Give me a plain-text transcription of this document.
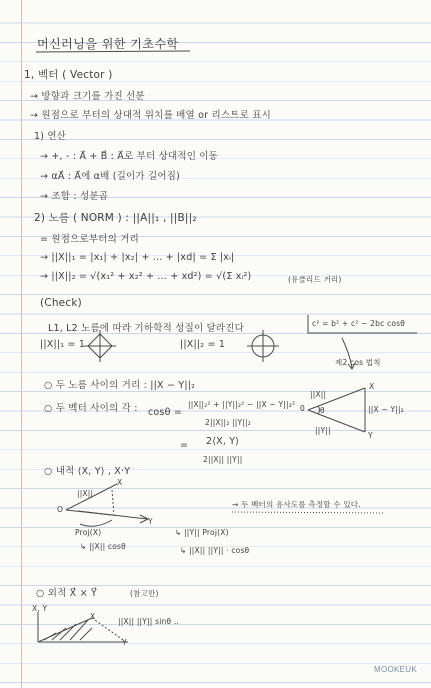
머신러닝을 위한 기초수학
1, 벡터 ( Vector )
→ 방향과 크기를 가진 선분
→ 원점으로 부터의 상대적 위치를 배열 or 리스트로 표시
1) 연산
→ +, - : A⃗ + B⃗ : A⃗로 부터 상대적인 이동
→ αA⃗ : A⃗에 α배 (길이가 길어짐)
→ 조합 : 성분곱
2) 노름 ( NORM ) : ||A||₁ , ||B||₂
= 원점으로부터의 거리
→ ||X||₁ = |x₁| + |x₂| + ... + |xd| = Σ |xᵢ|
→ ||X||₂ = √(x₁² + x₂² + ... + xd²) = √(Σ xᵢ²)	(유클리드 거리)
(Check)
L1, L2 노름에 따라 기하학적 성질이 달라진다
||X||₁ = 1	||X||₂ = 1
c² = b² + c² − 2bc cosθ
제2 cos 법칙
○ 두 노름 사이의 거리 : ||X − Y||₂
○ 두 벡터 사이의 각 : cosθ =
||X||₂² + ||Y||₂² − ||X − Y||₂²
2||X||₂ ||Y||₂
= 2⟨X, Y⟩
2||X|| ||Y||
X
Y
0 θ
||X||
||Y||
||X − Y||₂
○ 내적 ⟨X, Y⟩ , X·Y
X
Y
O
||X||
Proj(X)
↳ ||X|| cosθ
↳ ||Y|| Proj(X)
↳ ||X|| ||Y|| · cosθ
⇝ 두 벡터의 유사도를 측정할 수 있다.
○ 외적 X⃗ × Y⃗	(참고만)
X, Y
X
Y
||X|| ||Y|| sinθ ..
MOOKEUK
